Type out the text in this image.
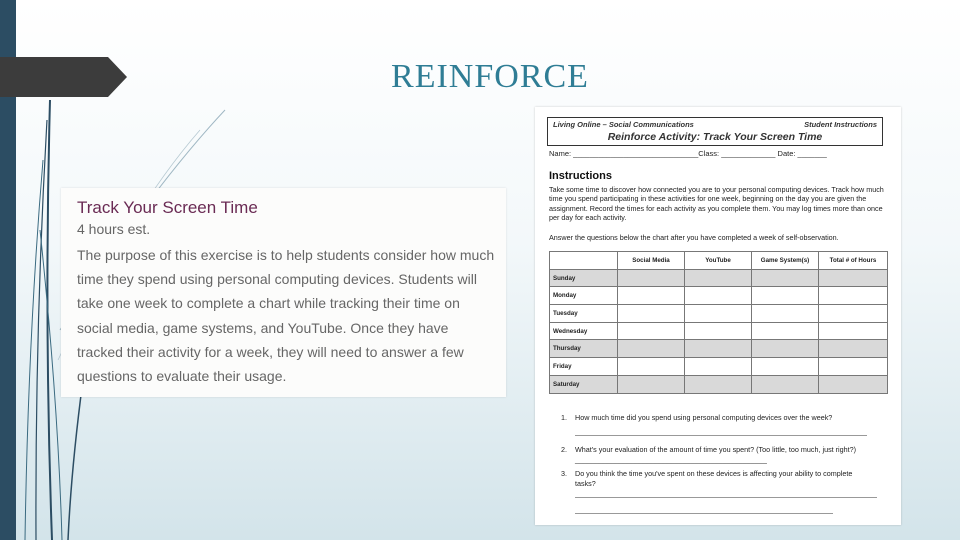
REINFORCE
Track Your Screen Time
4 hours est.

The purpose of this exercise is to help students consider how much time they spend using personal computing devices. Students will take one week to complete a chart while tracking their time on social media, game systems, and YouTube. Once they have tracked their activity for a week, they will need to answer a few questions to evaluate their usage.

Living Online – Social Communications	Student Instructions
Reinforce Activity: Track Your Screen Time
Name: ______________________________Class: _____________ Date: _______
Instructions

Take some time to discover how connected you are to your personal computing devices. Track how much time you spend participating in these activities for one week, beginning on the day you are given the assignment. Record the times for each activity as you complete them. You may log times more than once per day for each activity.

Answer the questions below the chart after you have completed a week of self-observation.
	Social Media	YouTube	Game System(s)	Total # of Hours
Sunday				
Monday				
Tuesday				
Wednesday				
Thursday				
Friday				
Saturday				
1. How much time did you spend using personal computing devices over the week?
2. What's your evaluation of the amount of time you spent? (Too little, too much, just right?) ________________________________________________
3. Do you think the time you've spent on these devices is affecting your ability to complete tasks?
